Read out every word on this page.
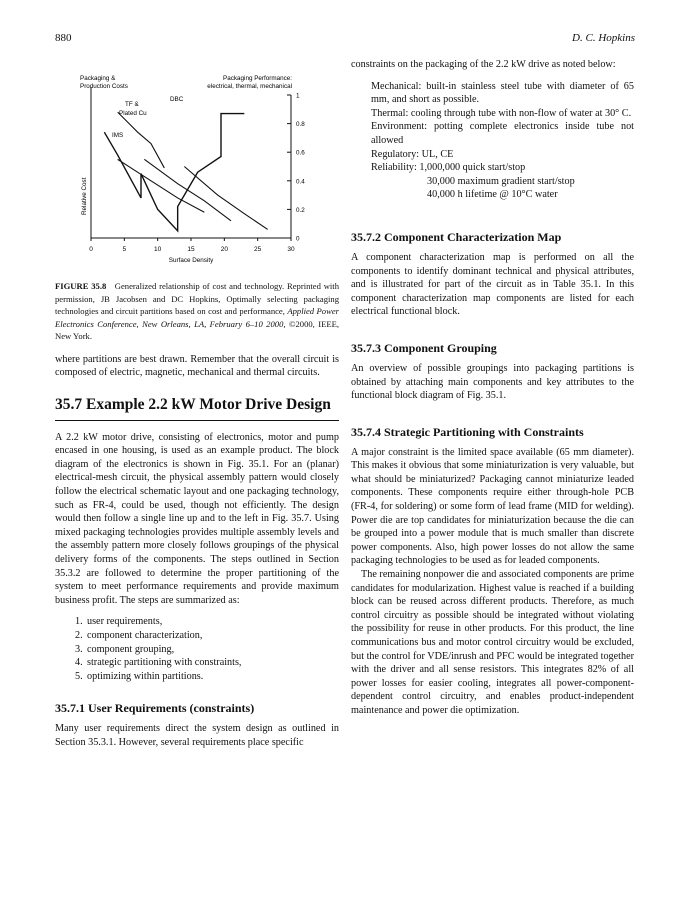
880	D. C. Hopkins
Packaging &
Production Costs
Packaging Performance:
electrical, thermal, mechanical
DBC
TF &
Plated Cu
IMS
Relative Cost
Surface Density
0	5	10	15	20	25	30
0
0.2
0.4
0.6
0.8
1

FIGURE 35.8 Generalized relationship of cost and technology. Reprinted with permission, JB Jacobsen and DC Hopkins, Optimally selecting packaging technologies and circuit partitions based on cost and performance, Applied Power Electronics Conference, New Orleans, LA, February 6–10 2000, ©2000, IEEE, New York.

where partitions are best drawn. Remember that the overall circuit is composed of electric, magnetic, mechanical and thermal circuits.

35.7 Example 2.2 kW Motor Drive Design

A 2.2 kW motor drive, consisting of electronics, motor and pump encased in one housing, is used as an example product. The block diagram of the electronics is shown in Fig. 35.1. For an (planar) electrical-mesh circuit, the physical assembly pattern would closely follow the electrical schematic layout and one packaging technology, such as FR-4, could be used, though not efficiently. The design would then follow a single line up and to the left in Fig. 35.7. Using mixed packaging technologies provides multiple assembly levels and the assembly pattern more closely follows groupings of the physical delivery forms of the components. The steps outlined in Section 35.3.2 are followed to determine the proper partitioning of the system to meet performance requirements and provide maximum business profit. The steps are summarized as:

1. user requirements,
2. component characterization,
3. component grouping,
4. strategic partitioning with constraints,
5. optimizing within partitions.
35.7.1 User Requirements (constraints)

Many user requirements direct the system design as outlined in Section 35.3.1. However, several requirements place specific

constraints on the packaging of the 2.2 kW drive as noted below:

Mechanical: built-in stainless steel tube with diameter of 65 mm, and short as possible.
Thermal: cooling through tube with non-flow of water at 30° C.
Environment: potting complete electronics inside tube not allowed
Regulatory: UL, CE
Reliability: 1,000,000 quick start/stop
30,000 maximum gradient start/stop
40,000 h lifetime @ 10°C water
35.7.2 Component Characterization Map

A component characterization map is performed on all the components to identify dominant technical and physical attributes, and is illustrated for part of the circuit as in Table 35.1. In this component characterization map components are listed for each electrical functional block.

35.7.3 Component Grouping

An overview of possible groupings into packaging partitions is obtained by attaching main components and key attributes to the functional block diagram of Fig. 35.1.

35.7.4 Strategic Partitioning with Constraints

A major constraint is the limited space available (65 mm diameter). This makes it obvious that some miniaturization is very valuable, but what should be miniaturized? Packaging cannot miniaturize leaded components. These components require either through-hole PCB (FR-4, for soldering) or some form of lead frame (MID for welding). Power die are top candidates for miniaturization because the die can be grouped into a power module that is much smaller than discrete power components. Also, high power losses do not allow the same packaging technologies to be used as for leaded components.

The remaining nonpower die and associated components are prime candidates for modularization. Highest value is reached if a building block can be reused across different products. Therefore, as much control circuitry as possible should be integrated without violating the possibility for reuse in other products. For this product, the line communications bus and motor control circuitry would be excluded, but the control for VDE/inrush and PFC would be integrated together with the driver and all sense resistors. This integrates 82% of all power losses for easier cooling, integrates all power-component-dependent control circuitry, and enables product-independent maintenance and power die optimization.
